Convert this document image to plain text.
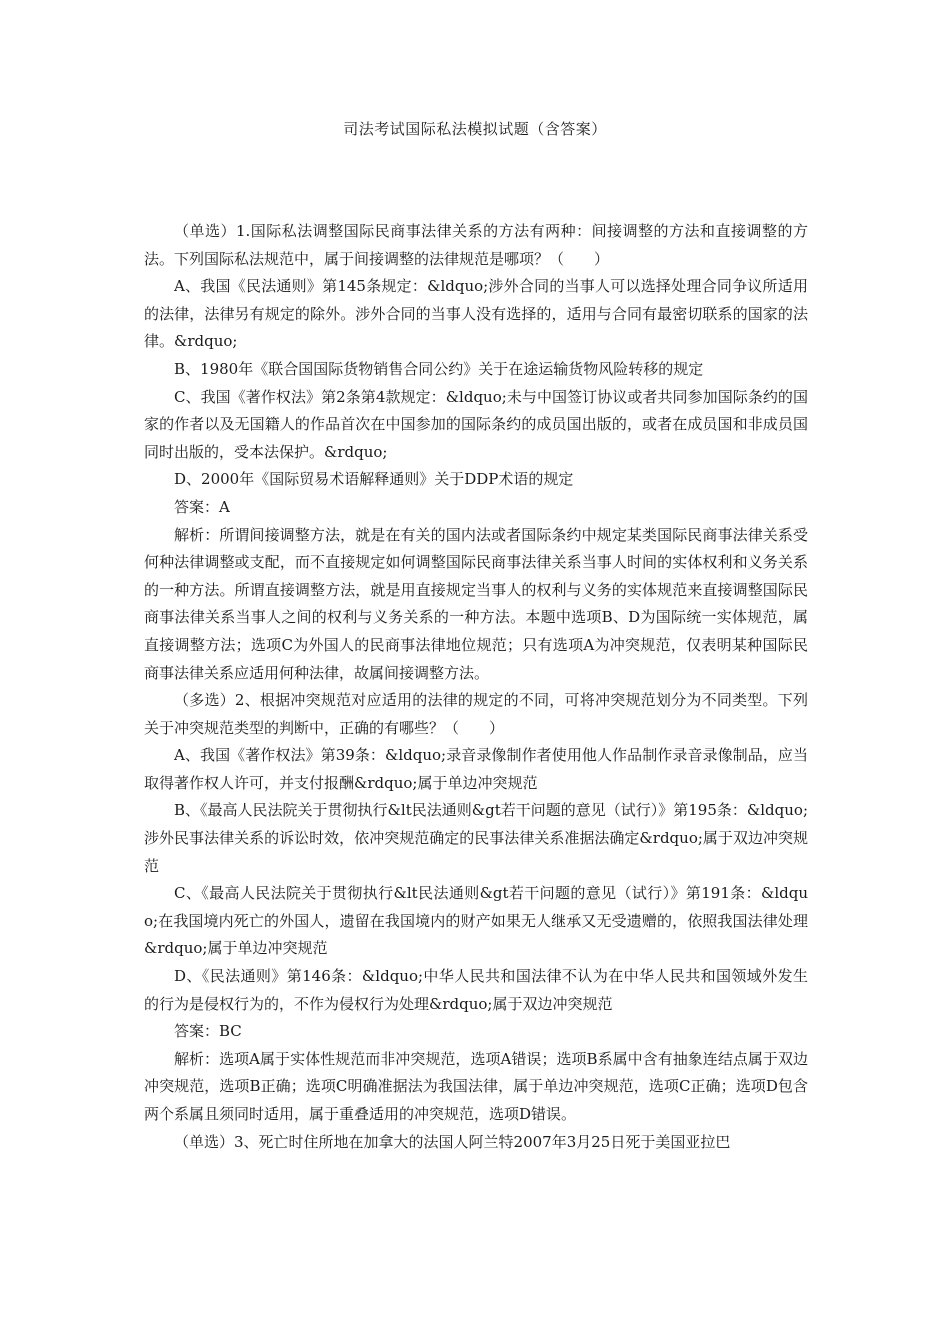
司法考试国际私法模拟试题（含答案）

（单选）1.国际私法调整国际民商事法律关系的方法有两种：间接调整的方法和直接调整的方法。下列国际私法规范中，属于间接调整的法律规范是哪项？（　　）

A、我国《民法通则》第145条规定：&ldquo;涉外合同的当事人可以选择处理合同争议所适用的法律，法律另有规定的除外。涉外合同的当事人没有选择的，适用与合同有最密切联系的国家的法律。&rdquo;

B、1980年《联合国国际货物销售合同公约》关于在途运输货物风险转移的规定

C、我国《著作权法》第2条第4款规定：&ldquo;未与中国签订协议或者共同参加国际条约的国家的作者以及无国籍人的作品首次在中国参加的国际条约的成员国出版的，或者在成员国和非成员国同时出版的，受本法保护。&rdquo;

D、2000年《国际贸易术语解释通则》关于DDP术语的规定

答案：A

解析：所谓间接调整方法，就是在有关的国内法或者国际条约中规定某类国际民商事法律关系受何种法律调整或支配，而不直接规定如何调整国际民商事法律关系当事人时间的实体权利和义务关系的一种方法。所谓直接调整方法，就是用直接规定当事人的权利与义务的实体规范来直接调整国际民商事法律关系当事人之间的权利与义务关系的一种方法。本题中选项B、D为国际统一实体规范，属直接调整方法；选项C为外国人的民商事法律地位规范；只有选项A为冲突规范，仅表明某种国际民商事法律关系应适用何种法律，故属间接调整方法。

（多选）2、根据冲突规范对应适用的法律的规定的不同，可将冲突规范划分为不同类型。下列关于冲突规范类型的判断中，正确的有哪些？（　　）

A、我国《著作权法》第39条：&ldquo;录音录像制作者使用他人作品制作录音录像制品，应当取得著作权人许可，并支付报酬&rdquo;属于单边冲突规范

B、《最高人民法院关于贯彻执行&lt民法通则&gt若干问题的意见（试行）》第195条：&ldquo;涉外民事法律关系的诉讼时效，依冲突规范确定的民事法律关系准据法确定&rdquo;属于双边冲突规范

C、《最高人民法院关于贯彻执行&lt民法通则&gt若干问题的意见（试行）》第191条：&ldquo;在我国境内死亡的外国人，遗留在我国境内的财产如果无人继承又无受遗赠的，依照我国法律处理&rdquo;属于单边冲突规范

D、《民法通则》第146条：&ldquo;中华人民共和国法律不认为在中华人民共和国领域外发生的行为是侵权行为的，不作为侵权行为处理&rdquo;属于双边冲突规范

答案：BC

解析：选项A属于实体性规范而非冲突规范，选项A错误；选项B系属中含有抽象连结点属于双边冲突规范，选项B正确；选项C明确准据法为我国法律，属于单边冲突规范，选项C正确；选项D包含两个系属且须同时适用，属于重叠适用的冲突规范，选项D错误。

（单选）3、死亡时住所地在加拿大的法国人阿兰特2007年3月25日死于美国亚拉巴
